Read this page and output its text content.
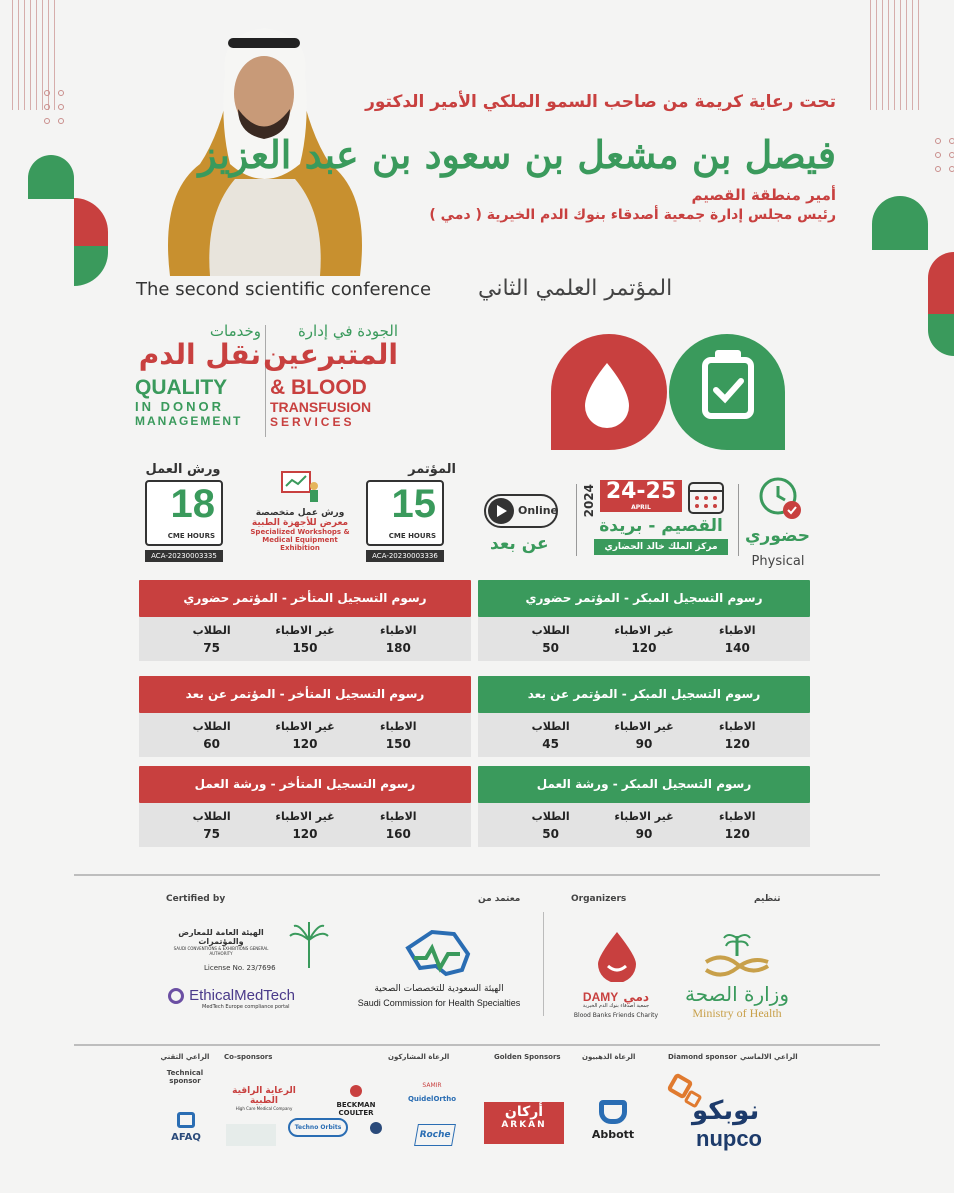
تحت رعاية كريمة من صاحب السمو الملكي الأمير الدكتور
فيصل بن مشعل بن سعود بن عبد العزيز
أمير منطقة القصيم
رئيس مجلس إدارة جمعية أصدقاء بنوك الدم الخيرية ( دمي )
The second scientific conference المؤتمر العلمي الثاني
الجودة في إدارة
المتبرعين
& BLOOD
TRANSFUSION
SERVICES
وخدمات
نقل الدم
QUALITY
IN DONOR
MANAGEMENT
ورش العمل
18
CME HOURS
ACA-20230003335
ورش عمل متخصصة
معرض للأجهزة الطبية
Specialized Workshops &
Medical Equipment Exhibition
المؤتمر
15
CME HOURS
ACA-20230003336
Online
عن بعد
2024 24-25
APRIL
القصيم - بريدة
مركز الملك خالد الحضاري
حضوري
Physical
رسوم التسجيل المبكر - المؤتمر حضوري
الاطباء
140
غير الاطباء
120
الطلاب
50
رسوم التسجيل المتأخر - المؤتمر حضوري
الاطباء
180
غير الاطباء
150
الطلاب
75
رسوم التسجيل المبكر - المؤتمر عن بعد
الاطباء
120
غير الاطباء
90
الطلاب
45
رسوم التسجيل المتأخر - المؤتمر عن بعد
الاطباء
150
غير الاطباء
120
الطلاب
60
رسوم التسجيل المبكر - ورشة العمل
الاطباء
120
غير الاطباء
90
الطلاب
50
رسوم التسجيل المتأخر - ورشة العمل
الاطباء
160
غير الاطباء
120
الطلاب
75
Certified by	معتمد من	Organizers	تنظيم
الهيئة العامة للمعارض والمؤتمرات
SAUDI CONVENTIONS & EXHIBITIONS GENERAL AUTHORITY
License No. 23/7696
EthicalMedTech
MedTech Europe compliance portal
الهيئة السعودية للتخصصات الصحية
Saudi Commission for Health Specialties	DAMY دمي
جمعية أصدقاء بنوك الدم الخيرية
Blood Banks Friends Charity
وزارة الصحة
Ministry of Health
الراعي التقني
Technical
sponsor
AFAQ
Co-sponsors	الرعاة المشاركون	Golden Sponsors	الرعاة الذهبيون	Diamond sponsor الراعي الالماسي
الرعاية الراقية الطبية
High Care Medical Company	BECKMAN COULTER
SAMIR
QuidelOrtho
Techno Orbits
Roche
أركان
ARKAN
Abbott
نوبكو
nupco
